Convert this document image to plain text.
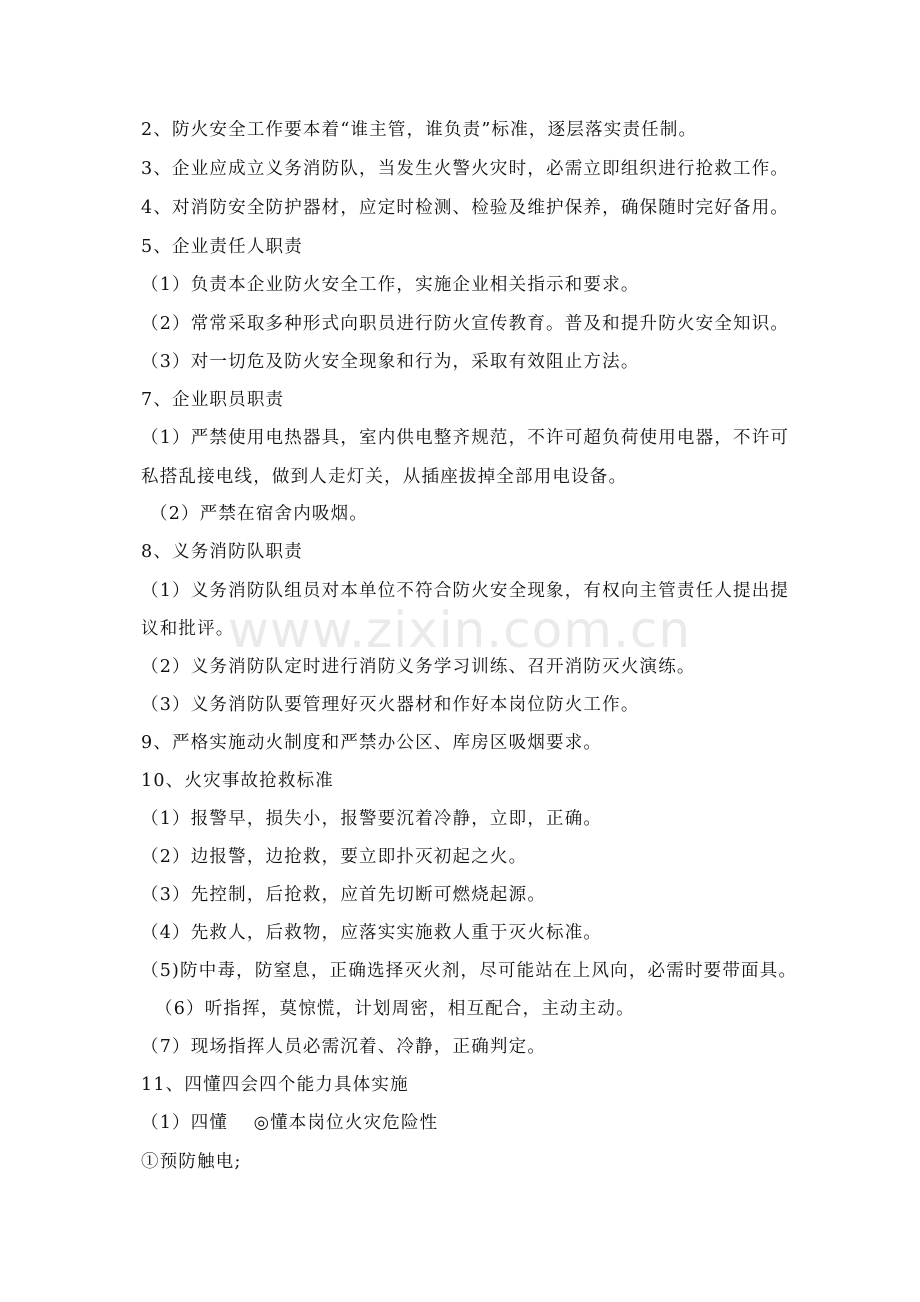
2、防火安全工作要本着“谁主管，谁负责”标准，逐层落实责任制。
3、企业应成立义务消防队，当发生火警火灾时，必需立即组织进行抢救工作。
4、对消防安全防护器材，应定时检测、检验及维护保养，确保随时完好备用。
5、企业责任人职责
（1）负责本企业防火安全工作，实施企业相关指示和要求。
（2）常常采取多种形式向职员进行防火宣传教育。普及和提升防火安全知识。
（3）对一切危及防火安全现象和行为，采取有效阻止方法。
7、企业职员职责
（1）严禁使用电热器具，室内供电整齐规范，不许可超负荷使用电器，不许可
私搭乱接电线，做到人走灯关，从插座拔掉全部用电设备。
（2）严禁在宿舍内吸烟。
8、义务消防队职责
（1）义务消防队组员对本单位不符合防火安全现象，有权向主管责任人提出提
议和批评。
（2）义务消防队定时进行消防义务学习训练、召开消防灭火演练。
（3）义务消防队要管理好灭火器材和作好本岗位防火工作。
9、严格实施动火制度和严禁办公区、库房区吸烟要求。
10、火灾事故抢救标准
（1）报警早，损失小，报警要沉着冷静，立即，正确。
（2）边报警，边抢救，要立即扑灭初起之火。
（3）先控制，后抢救，应首先切断可燃烧起源。
（4）先救人，后救物，应落实实施救人重于灭火标准。
（5)防中毒，防窒息，正确选择灭火剂，尽可能站在上风向，必需时要带面具。
（6）听指挥，莫惊慌，计划周密，相互配合，主动主动。
（7）现场指挥人员必需沉着、冷静，正确判定。
11、四懂四会四个能力具体实施
（1）四懂　 ◎懂本岗位火灾危险性
①预防触电;
www.zixin.com.cn
